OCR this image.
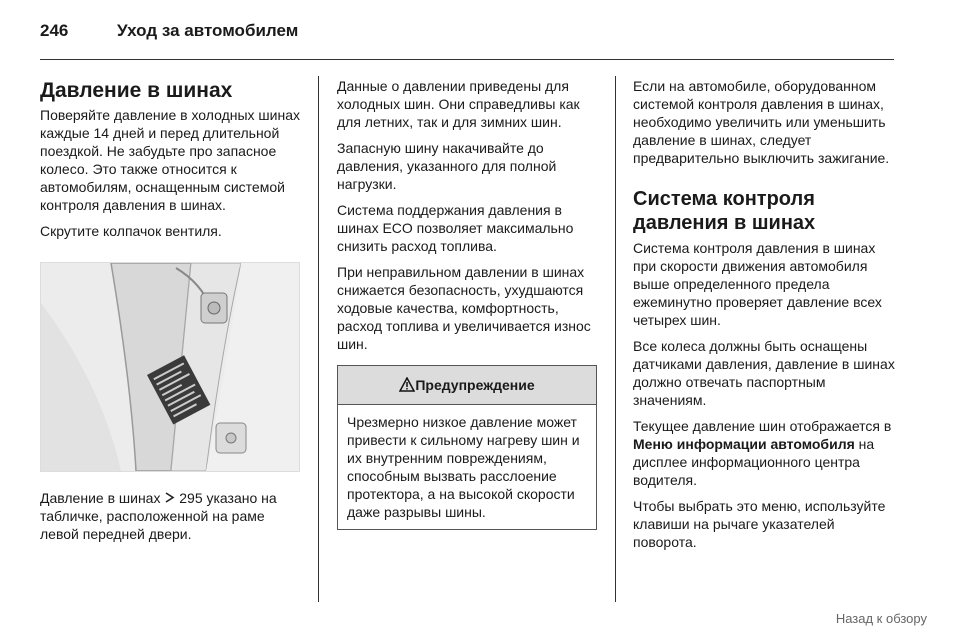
246	Уход за автомобилем
Давление в шинах

Поверяйте давление в холодных шинах каждые 14 дней и перед длительной поездкой. Не забудьте про запасное колесо. Это также относится к автомобилям, оснащенным системой контроля давления в шинах.

Скрутите колпачок вентиля.

Давление в шинах 295 указано на табличке, расположенной на раме левой передней двери.

Данные о давлении приведены для холодных шин. Они справедливы как для летних, так и для зимних шин.

Запасную шину накачивайте до давления, указанного для полной нагрузки.

Система поддержания давления в шинах ECO позволяет максимально снизить расход топлива.

При неправильном давлении в шинах снижается безопасность, ухудшаются ходовые качества, комфортность, расход топлива и увеличивается износ шин.

Предупреждение
Чрезмерно низкое давление может привести к сильному нагреву шин и их внутренним повреждениям, способным вызвать расслоение протектора, а на высокой скорости даже разрывы шины.

Если на автомобиле, оборудованном системой контроля давления в шинах, необходимо увеличить или уменьшить давление в шинах, следует предварительно выключить зажигание.

Система контроля давления в шинах

Система контроля давления в шинах при скорости движения автомобиля выше определенного предела ежеминутно проверяет давление всех четырех шин.

Все колеса должны быть оснащены датчиками давления, давление в шинах должно отвечать паспортным значениям.

Текущее давление шин отображается в Меню информации автомобиля на дисплее информационного центра водителя.

Чтобы выбрать это меню, используйте клавиши на рычаге указателей поворота.

Назад к обзору
